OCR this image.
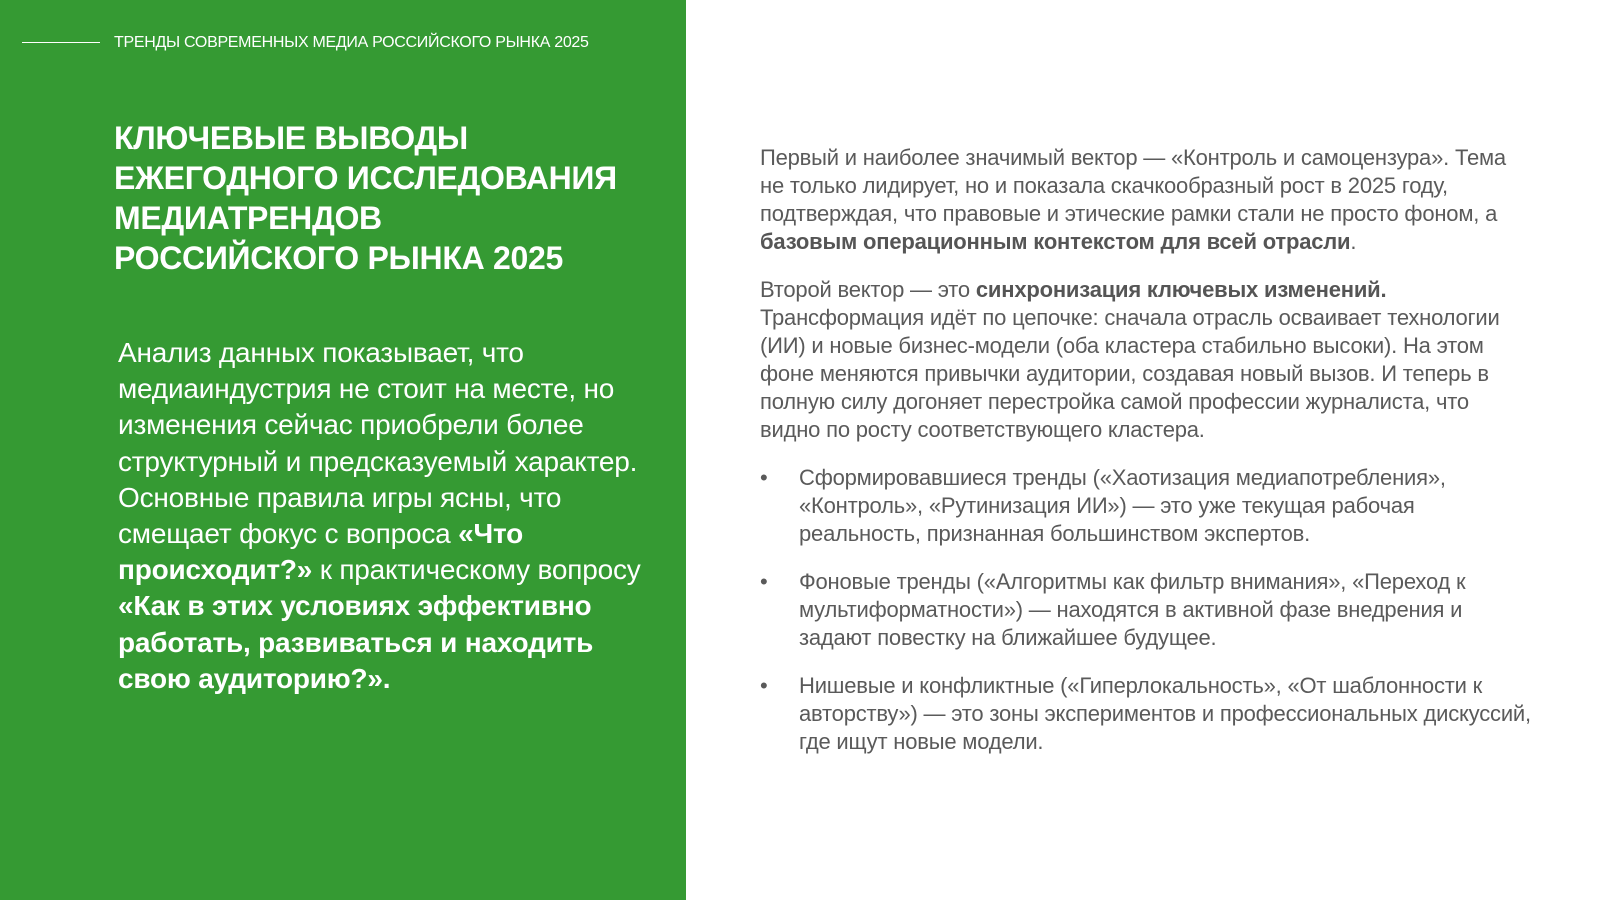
ТРЕНДЫ СОВРЕМЕННЫХ МЕДИА РОССИЙСКОГО РЫНКА 2025
КЛЮЧЕВЫЕ ВЫВОДЫ
ЕЖЕГОДНОГО ИССЛЕДОВАНИЯ
МЕДИАТРЕНДОВ
РОССИЙСКОГО РЫНКА 2025

Анализ данных показывает, что медиаиндустрия не стоит на месте, но изменения сейчас приобрели более структурный и предсказуемый характер.

Основные правила игры ясны, что смещает фокус с вопроса «Что происходит?» к практическому вопросу «Как в этих условиях эффективно работать, развиваться и находить свою аудиторию?».

Первый и наиболее значимый вектор — «Контроль и самоцензура». Тема не только лидирует, но и показала скачкообразный рост в 2025 году, подтверждая, что правовые и этические рамки стали не просто фоном, а базовым операционным контекстом для всей отрасли.

Второй вектор — это синхронизация ключевых изменений. Трансформация идёт по цепочке: сначала отрасль осваивает технологии (ИИ) и новые бизнес-модели (оба кластера стабильно высоки). На этом фоне меняются привычки аудитории, создавая новый вызов. И теперь в полную силу догоняет перестройка самой профессии журналиста, что видно по росту соответствующего кластера.

• Сформировавшиеся тренды («Хаотизация медиапотребления», «Контроль», «Рутинизация ИИ») — это уже текущая рабочая реальность, признанная большинством экспертов.
• Фоновые тренды («Алгоритмы как фильтр внимания», «Переход к мультиформатности») — находятся в активной фазе внедрения и задают повестку на ближайшее будущее.
• Нишевые и конфликтные («Гиперлокальность», «От шаблонности к авторству») — это зоны экспериментов и профессиональных дискуссий, где ищут новые модели.
